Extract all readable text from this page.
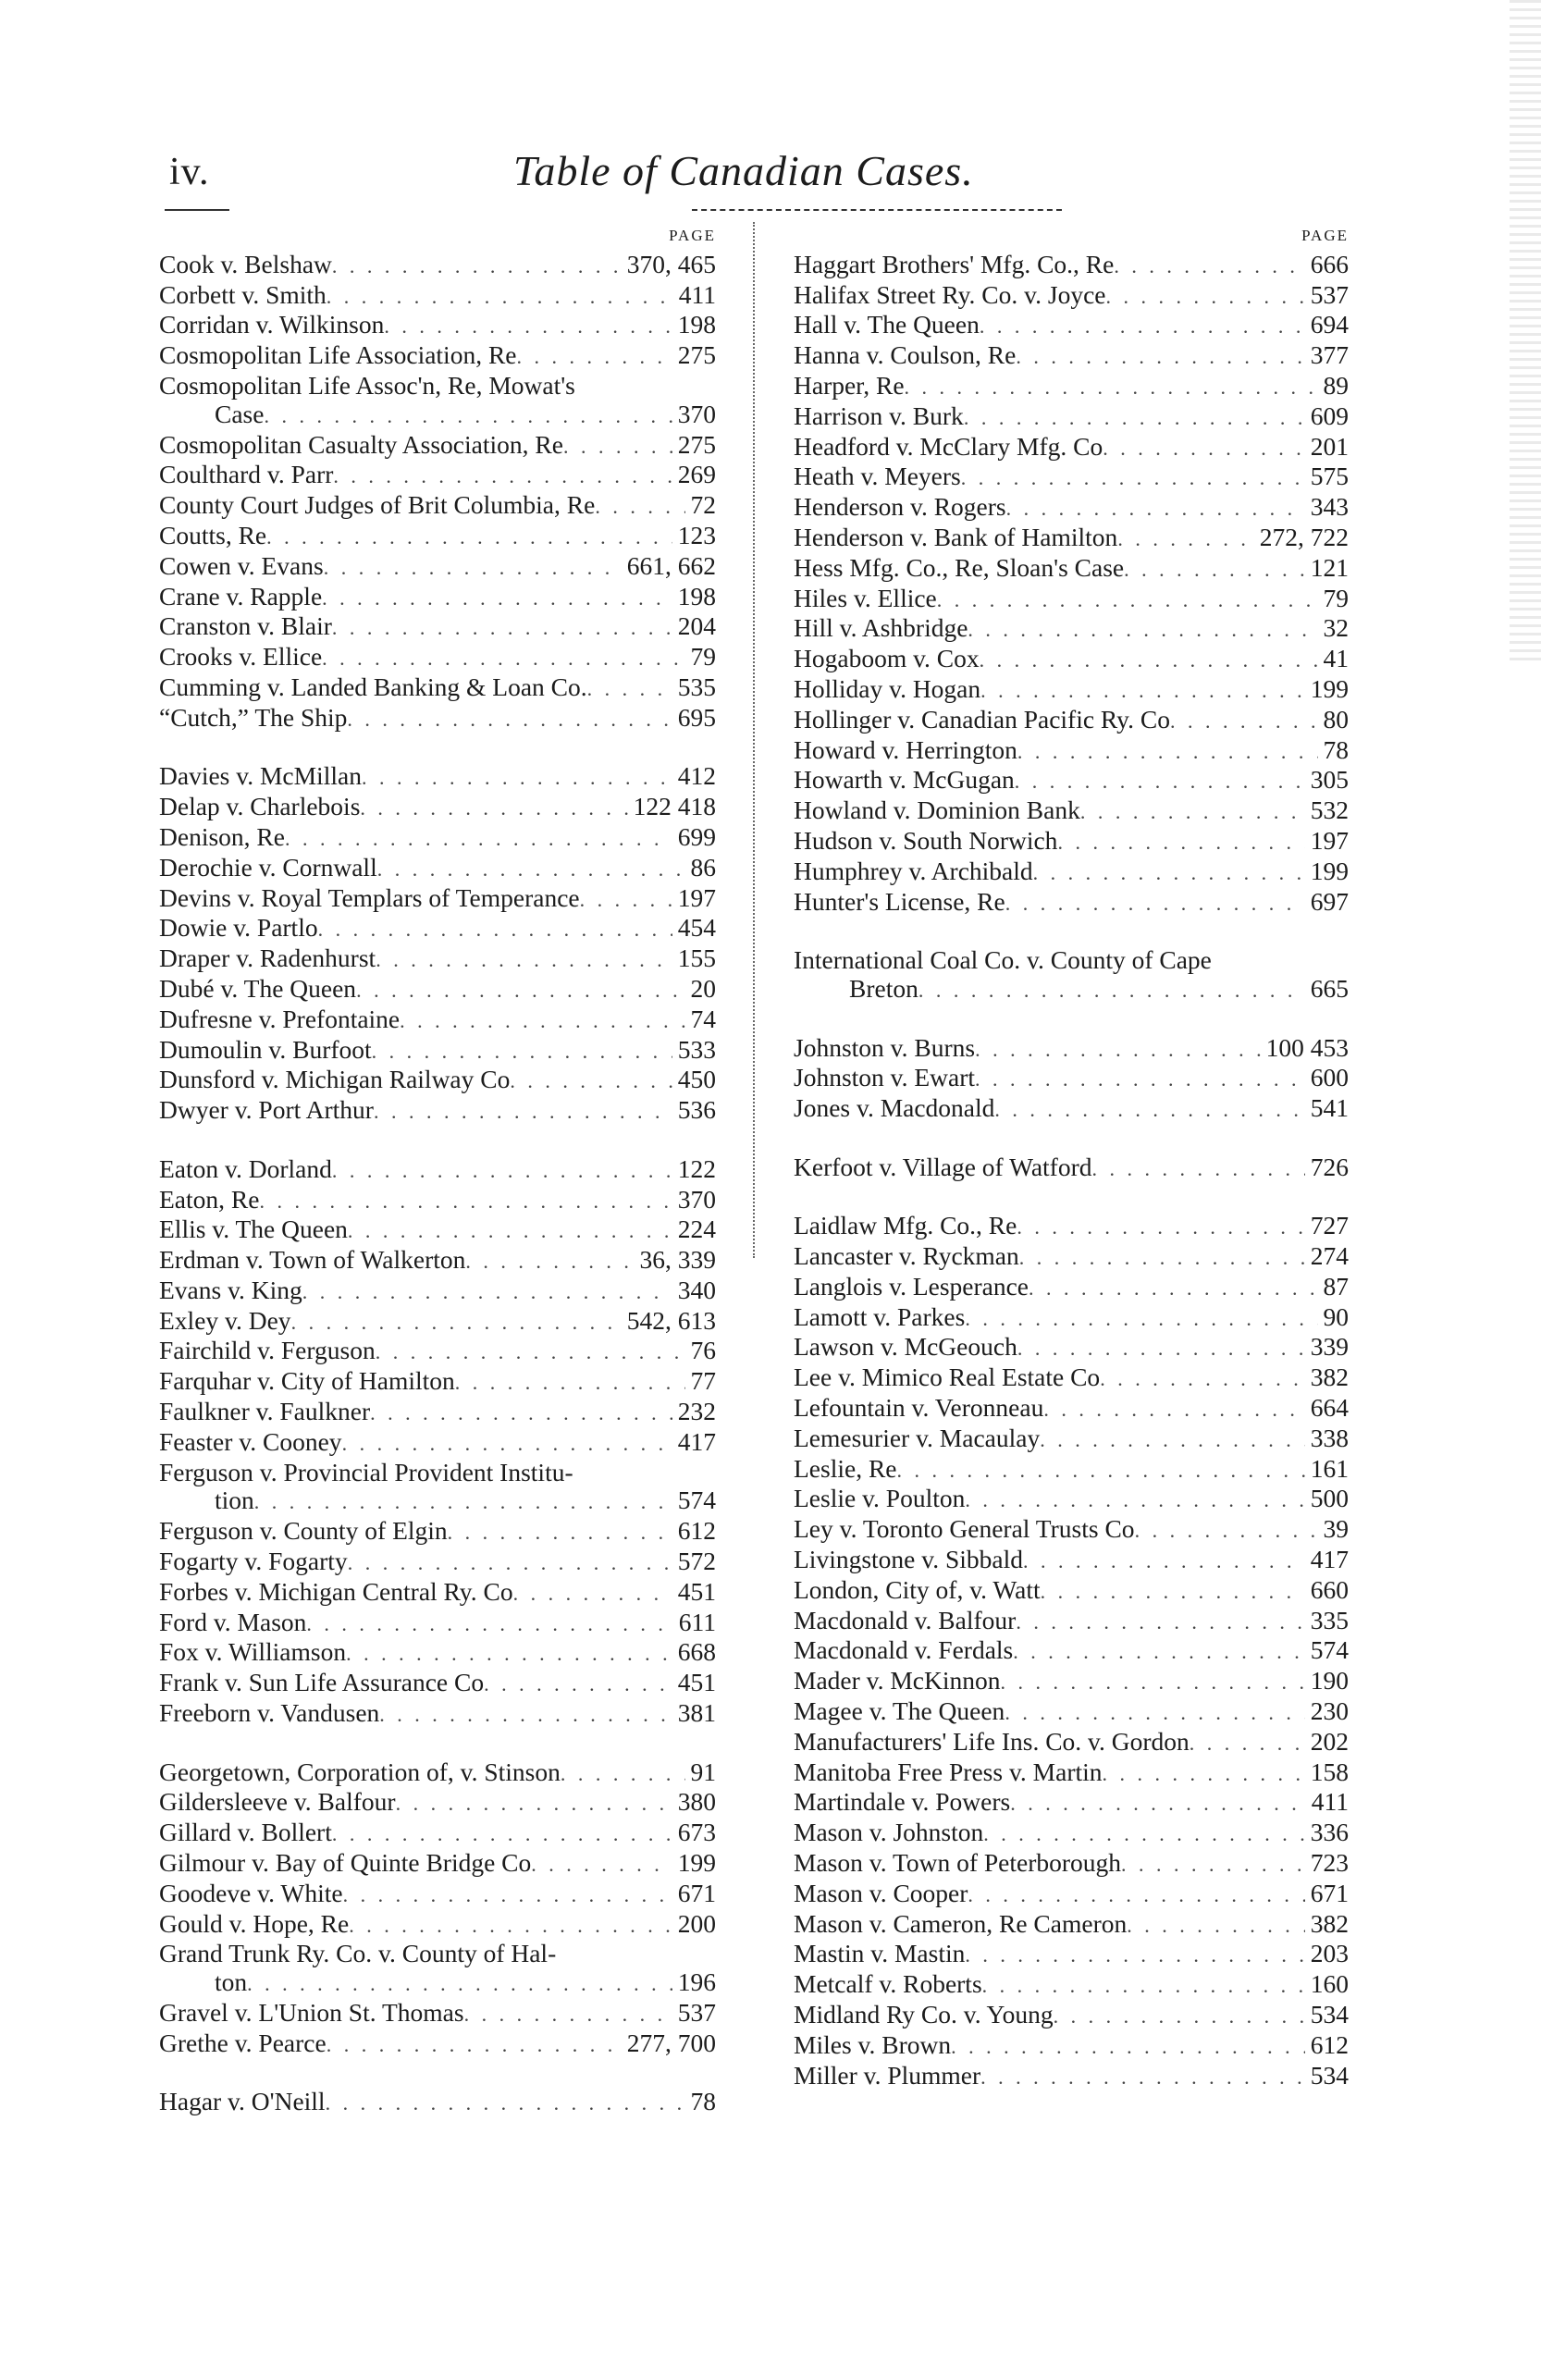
iv.	Table of Canadian Cases.
PAGE
Cook v. Belshaw . . .	370, 465
Corbett v. Smith . . .	411
Corridan v. Wilkinson . . .	198
Cosmopolitan Life Association, Re . . .	275
Cosmopolitan Life Assoc'n, Re, Mowat's
Case . . .	370
Cosmopolitan Casualty Association, Re . . .	275
Coulthard v. Parr . . .	269
County Court Judges of Brit Columbia, Re . . .	72
Coutts, Re . . .	123
Cowen v. Evans . . .	661, 662
Crane v. Rapple . . .	198
Cranston v. Blair . . .	204
Crooks v. Ellice . . .	79
Cumming v. Landed Banking & Loan Co. . . .	535
“Cutch,” The Ship . . .	695
Davies v. McMillan . . .	412
Delap v. Charlebois . . .	122 418
Denison, Re . . .	699
Derochie v. Cornwall . . .	86
Devins v. Royal Templars of Temperance . . .	197
Dowie v. Partlo . . .	454
Draper v. Radenhurst . . .	155
Dubé v. The Queen . . .	20
Dufresne v. Prefontaine . . .	74
Dumoulin v. Burfoot . . .	533
Dunsford v. Michigan Railway Co . . .	450
Dwyer v. Port Arthur . . .	536
Eaton v. Dorland . . .	122
Eaton, Re . . .	370
Ellis v. The Queen . . .	224
Erdman v. Town of Walkerton . . .	36, 339
Evans v. King . . .	340
Exley v. Dey . . .	542, 613
Fairchild v. Ferguson . . .	76
Farquhar v. City of Hamilton . . .	77
Faulkner v. Faulkner . . .	232
Feaster v. Cooney . . .	417
Ferguson v. Provincial Provident Institu-
tion . . .	574
Ferguson v. County of Elgin . . .	612
Fogarty v. Fogarty . . .	572
Forbes v. Michigan Central Ry. Co . . .	451
Ford v. Mason . . .	611
Fox v. Williamson . . .	668
Frank v. Sun Life Assurance Co . . .	451
Freeborn v. Vandusen . . .	381
Georgetown, Corporation of, v. Stinson . . .	91
Gildersleeve v. Balfour . . .	380
Gillard v. Bollert . . .	673
Gilmour v. Bay of Quinte Bridge Co . . .	199
Goodeve v. White . . .	671
Gould v. Hope, Re . . .	200
Grand Trunk Ry. Co. v. County of Hal-
ton . . .	196
Gravel v. L'Union St. Thomas . . .	537
Grethe v. Pearce . . .	277, 700
Hagar v. O'Neill . . .	78
PAGE
Haggart Brothers' Mfg. Co., Re . . .	666
Halifax Street Ry. Co. v. Joyce . . .	537
Hall v. The Queen . . .	694
Hanna v. Coulson, Re . . .	377
Harper, Re . . .	89
Harrison v. Burk . . .	609
Headford v. McClary Mfg. Co . . .	201
Heath v. Meyers . . .	575
Henderson v. Rogers . . .	343
Henderson v. Bank of Hamilton . . .	272, 722
Hess Mfg. Co., Re, Sloan's Case . . .	121
Hiles v. Ellice . . .	79
Hill v. Ashbridge . . .	32
Hogaboom v. Cox . . .	41
Holliday v. Hogan . . .	199
Hollinger v. Canadian Pacific Ry. Co . . .	80
Howard v. Herrington . . .	78
Howarth v. McGugan . . .	305
Howland v. Dominion Bank . . .	532
Hudson v. South Norwich . . .	197
Humphrey v. Archibald . . .	199
Hunter's License, Re . . .	697
International Coal Co. v. County of Cape
Breton . . .	665
Johnston v. Burns . . .	100 453
Johnston v. Ewart . . .	600
Jones v. Macdonald . . .	541
Kerfoot v. Village of Watford . . .	726
Laidlaw Mfg. Co., Re . . .	727
Lancaster v. Ryckman . . .	274
Langlois v. Lesperance . . .	87
Lamott v. Parkes . . .	90
Lawson v. McGeouch . . .	339
Lee v. Mimico Real Estate Co . . .	382
Lefountain v. Veronneau . . .	664
Lemesurier v. Macaulay . . .	338
Leslie, Re . . .	161
Leslie v. Poulton . . .	500
Ley v. Toronto General Trusts Co . . .	39
Livingstone v. Sibbald . . .	417
London, City of, v. Watt . . .	660
Macdonald v. Balfour . . .	335
Macdonald v. Ferdals . . .	574
Mader v. McKinnon . . .	190
Magee v. The Queen . . .	230
Manufacturers' Life Ins. Co. v. Gordon . . .	202
Manitoba Free Press v. Martin . . .	158
Martindale v. Powers . . .	411
Mason v. Johnston . . .	336
Mason v. Town of Peterborough . . .	723
Mason v. Cooper . . .	671
Mason v. Cameron, Re Cameron . . .	382
Mastin v. Mastin . . .	203
Metcalf v. Roberts . . .	160
Midland Ry Co. v. Young . . .	534
Miles v. Brown . . .	612
Miller v. Plummer . . .	534
